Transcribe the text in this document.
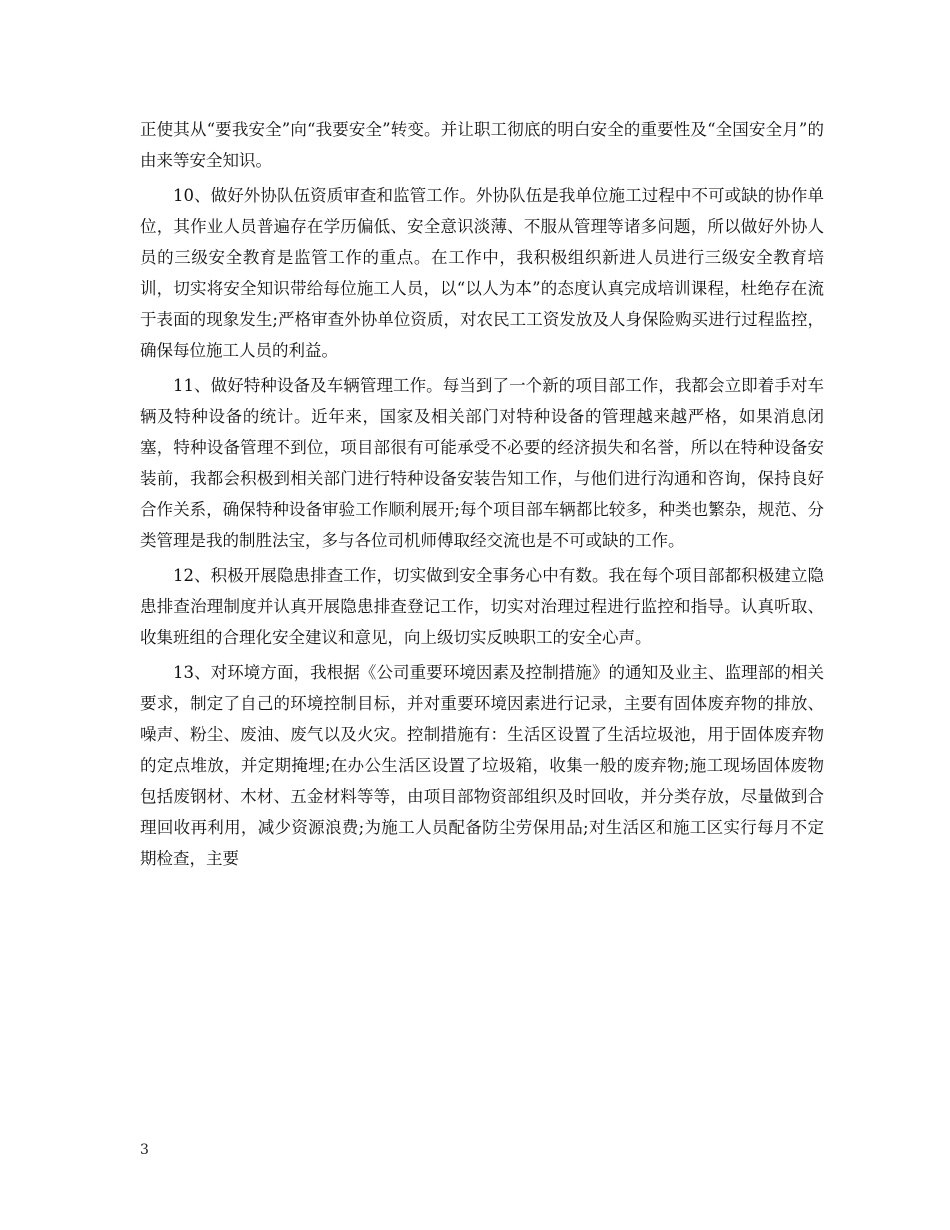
正使其从“要我安全”向“我要安全”转变。并让职工彻底的明白安全的重要性及“全国安全月”的由来等安全知识。

10、做好外协队伍资质审查和监管工作。外协队伍是我单位施工过程中不可或缺的协作单位，其作业人员普遍存在学历偏低、安全意识淡薄、不服从管理等诸多问题，所以做好外协人员的三级安全教育是监管工作的重点。在工作中，我积极组织新进人员进行三级安全教育培训，切实将安全知识带给每位施工人员，以“以人为本”的态度认真完成培训课程，杜绝存在流于表面的现象发生;严格审查外协单位资质，对农民工工资发放及人身保险购买进行过程监控，确保每位施工人员的利益。

11、做好特种设备及车辆管理工作。每当到了一个新的项目部工作，我都会立即着手对车辆及特种设备的统计。近年来，国家及相关部门对特种设备的管理越来越严格，如果消息闭塞，特种设备管理不到位，项目部很有可能承受不必要的经济损失和名誉，所以在特种设备安装前，我都会积极到相关部门进行特种设备安装告知工作，与他们进行沟通和咨询，保持良好合作关系，确保特种设备审验工作顺利展开;每个项目部车辆都比较多，种类也繁杂，规范、分类管理是我的制胜法宝，多与各位司机师傅取经交流也是不可或缺的工作。

12、积极开展隐患排查工作，切实做到安全事务心中有数。我在每个项目部都积极建立隐患排查治理制度并认真开展隐患排查登记工作，切实对治理过程进行监控和指导。认真听取、收集班组的合理化安全建议和意见，向上级切实反映职工的安全心声。

13、对环境方面，我根据《公司重要环境因素及控制措施》的通知及业主、监理部的相关要求，制定了自己的环境控制目标，并对重要环境因素进行记录，主要有固体废弃物的排放、噪声、粉尘、废油、废气以及火灾。控制措施有：生活区设置了生活垃圾池，用于固体废弃物的定点堆放，并定期掩埋;在办公生活区设置了垃圾箱，收集一般的废弃物;施工现场固体废物包括废钢材、木材、五金材料等等，由项目部物资部组织及时回收，并分类存放，尽量做到合理回收再利用，减少资源浪费;为施工人员配备防尘劳保用品;对生活区和施工区实行每月不定期检查，主要

3
